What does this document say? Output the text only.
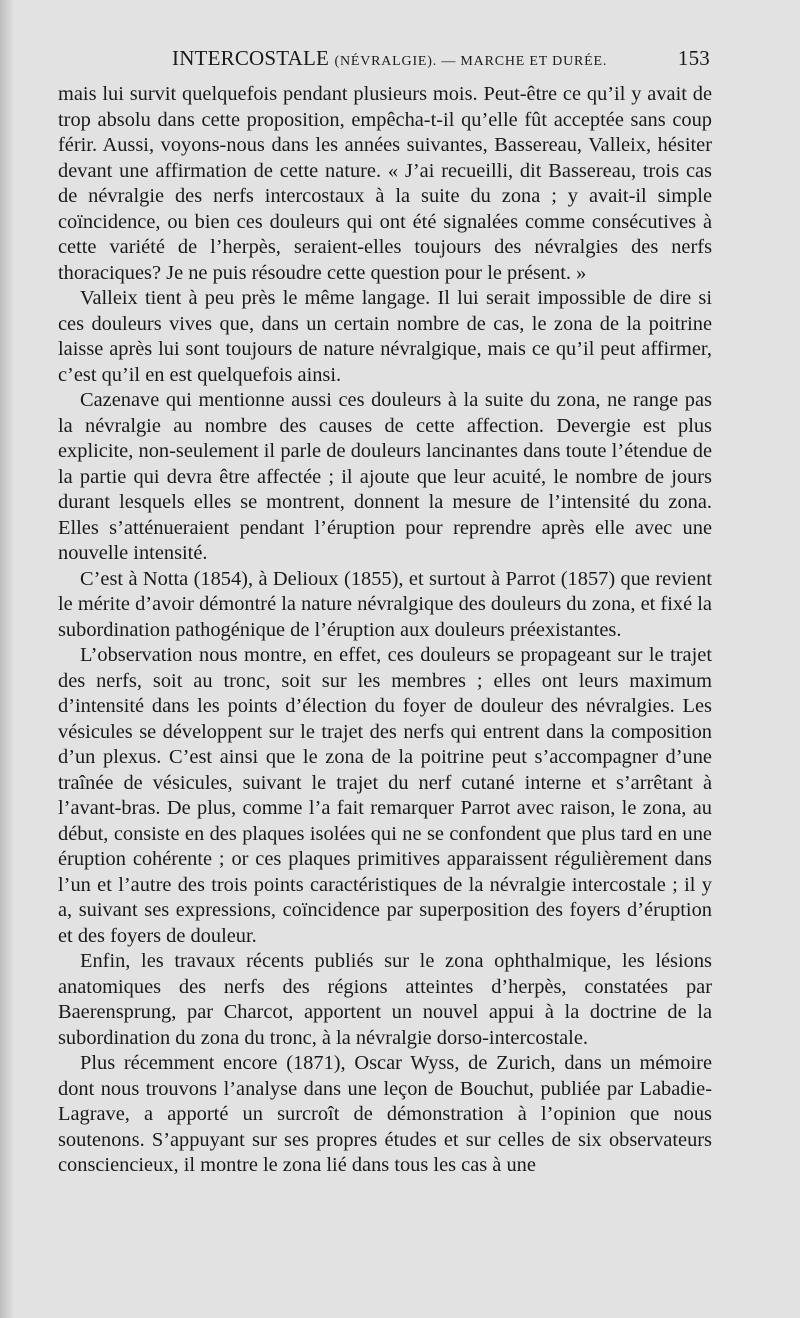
INTERCOSTALE (NÉVRALGIE). — MARCHE ET DURÉE.	153

mais lui survit quelquefois pendant plusieurs mois. Peut-être ce qu’il y avait de trop absolu dans cette proposition, empêcha-t-il qu’elle fût acceptée sans coup férir. Aussi, voyons-nous dans les années suivantes, Bassereau, Valleix, hésiter devant une affirmation de cette nature. « J’ai recueilli, dit Bassereau, trois cas de névralgie des nerfs intercostaux à la suite du zona ; y avait-il simple coïncidence, ou bien ces douleurs qui ont été signalées comme consécutives à cette variété de l’herpès, seraient-elles toujours des névralgies des nerfs thoraciques? Je ne puis résoudre cette question pour le présent. »

Valleix tient à peu près le même langage. Il lui serait impossible de dire si ces douleurs vives que, dans un certain nombre de cas, le zona de la poitrine laisse après lui sont toujours de nature névralgique, mais ce qu’il peut affirmer, c’est qu’il en est quelquefois ainsi.

Cazenave qui mentionne aussi ces douleurs à la suite du zona, ne range pas la névralgie au nombre des causes de cette affection. Devergie est plus explicite, non-seulement il parle de douleurs lancinantes dans toute l’étendue de la partie qui devra être affectée ; il ajoute que leur acuité, le nombre de jours durant lesquels elles se montrent, donnent la mesure de l’intensité du zona. Elles s’atténueraient pendant l’éruption pour reprendre après elle avec une nouvelle intensité.

C’est à Notta (1854), à Delioux (1855), et surtout à Parrot (1857) que revient le mérite d’avoir démontré la nature névralgique des douleurs du zona, et fixé la subordination pathogénique de l’éruption aux douleurs préexistantes.

L’observation nous montre, en effet, ces douleurs se propageant sur le trajet des nerfs, soit au tronc, soit sur les membres ; elles ont leurs maximum d’intensité dans les points d’élection du foyer de douleur des névralgies. Les vésicules se développent sur le trajet des nerfs qui entrent dans la composition d’un plexus. C’est ainsi que le zona de la poitrine peut s’accompagner d’une traînée de vésicules, suivant le trajet du nerf cutané interne et s’arrêtant à l’avant-bras. De plus, comme l’a fait remarquer Parrot avec raison, le zona, au début, consiste en des plaques isolées qui ne se confondent que plus tard en une éruption cohérente ; or ces plaques primitives apparaissent régulièrement dans l’un et l’autre des trois points caractéristiques de la névralgie intercostale ; il y a, suivant ses expressions, coïncidence par superposition des foyers d’éruption et des foyers de douleur.

Enfin, les travaux récents publiés sur le zona ophthalmique, les lésions anatomiques des nerfs des régions atteintes d’herpès, constatées par Baerensprung, par Charcot, apportent un nouvel appui à la doctrine de la subordination du zona du tronc, à la névralgie dorso-intercostale.

Plus récemment encore (1871), Oscar Wyss, de Zurich, dans un mémoire dont nous trouvons l’analyse dans une leçon de Bouchut, publiée par Labadie-Lagrave, a apporté un surcroît de démonstration à l’opinion que nous soutenons. S’appuyant sur ses propres études et sur celles de six observateurs consciencieux, il montre le zona lié dans tous les cas à une
